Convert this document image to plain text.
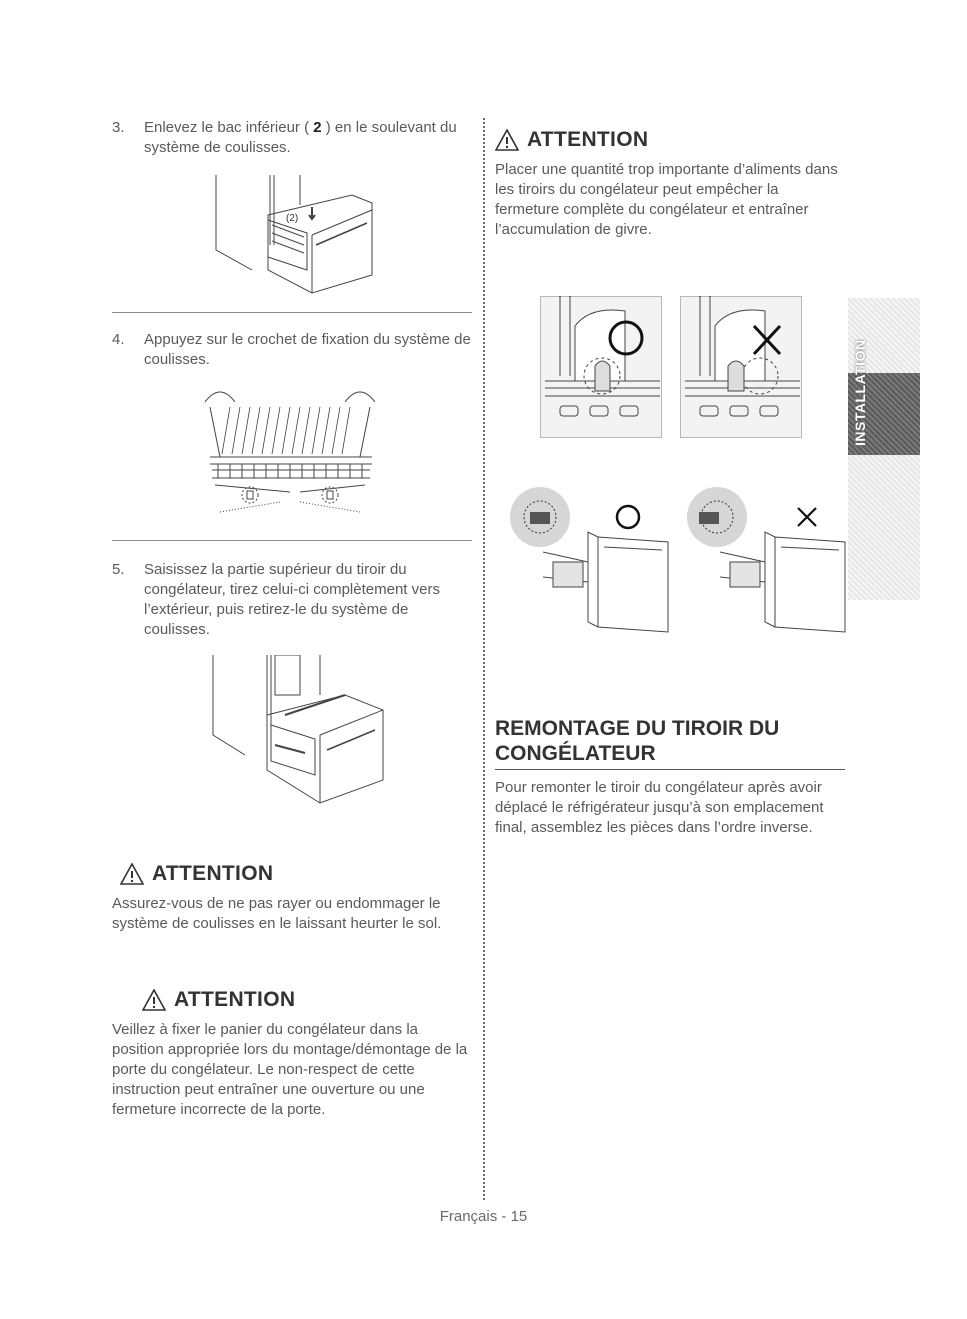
3. Enlevez le bac inférieur ( 2 ) en le soulevant du système de coulisses.
(2)
4. Appuyez sur le crochet de fixation du système de coulisses.
5. Saisissez la partie supérieur du tiroir du congélateur, tirez celui-ci complètement vers l’extérieur, puis retirez-le du système de coulisses.
ATTENTION
Assurez-vous de ne pas rayer ou endommager le système de coulisses en le laissant heurter le sol.
ATTENTION
Veillez à fixer le panier du congélateur dans la position appropriée lors du montage/démontage de la porte du congélateur. Le non-respect de cette instruction peut entraîner une ouverture ou une fermeture incorrecte de la porte.
ATTENTION
Placer une quantité trop importante d’aliments dans les tiroirs du congélateur peut empêcher la fermeture complète du congélateur et entraîner l’accumulation de givre.
REMONTAGE DU TIROIR DU CONGÉLATEUR
Pour remonter le tiroir du congélateur après avoir déplacé le réfrigérateur jusqu’à son emplacement final, assemblez les pièces dans l’ordre inverse.
INSTALLATION
Français - 15
